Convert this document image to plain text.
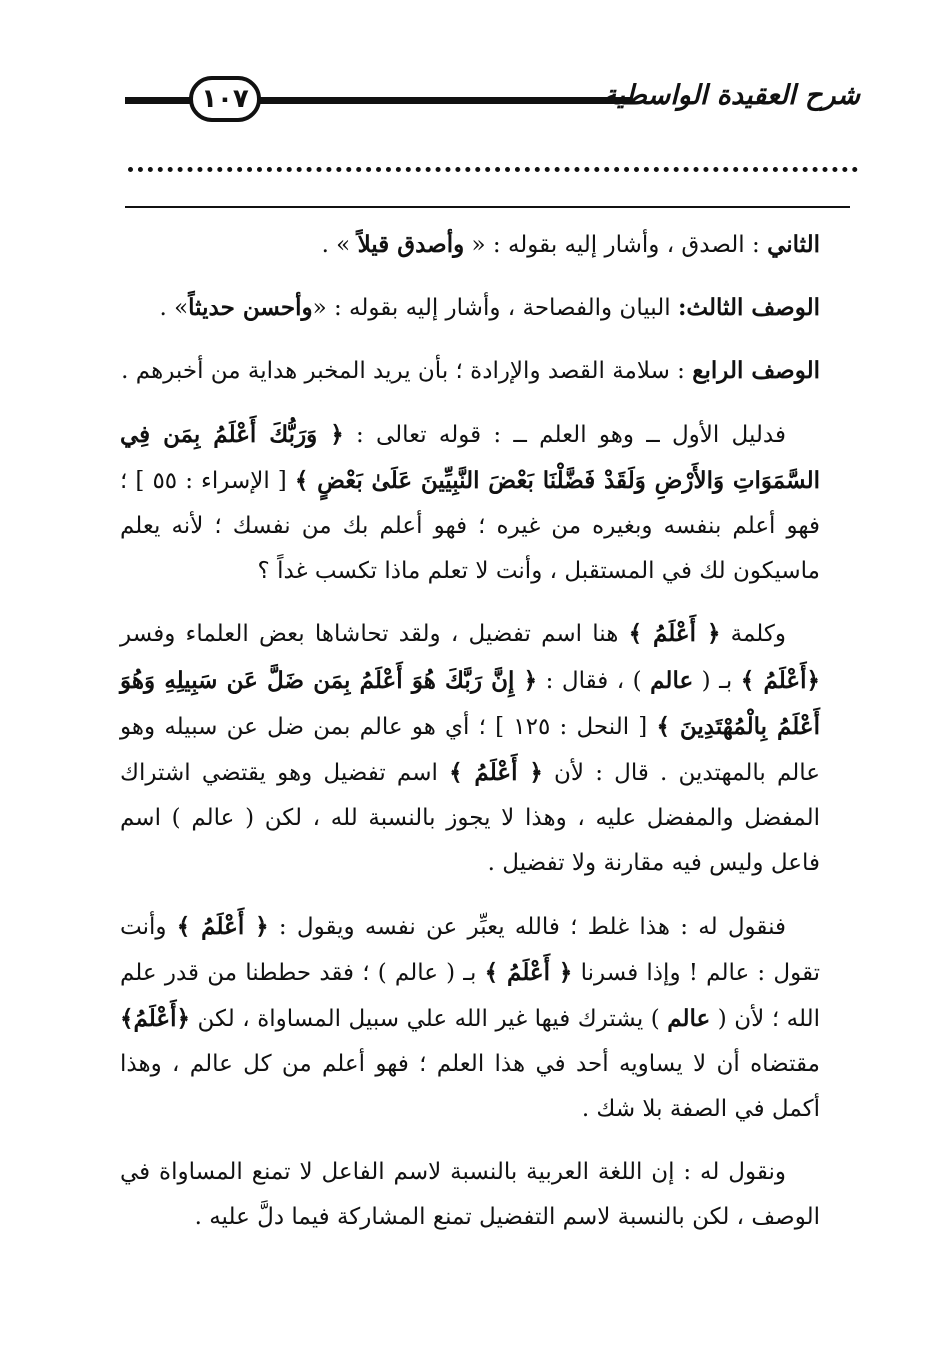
١٠٧	شرح العقيدة الواسطية

الثاني : الصدق ، وأشار إليه بقوله : « وأصدق قيلاً » .

الوصف الثالث: البيان والفصاحة ، وأشار إليه بقوله : «وأحسن حديثاً» .

الوصف الرابع : سلامة القصد والإرادة ؛ بأن يريد المخبر هداية من أخبرهم .

فدليل الأول ــ وهو العلم ــ : قوله تعالى : ﴿ وَرَبُّكَ أَعْلَمُ بِمَن فِي السَّمَوَاتِ وَالأَرْضِ وَلَقَدْ فَضَّلْنَا بَعْضَ النَّبِيِّينَ عَلَىٰ بَعْضٍ ﴾ [ الإسراء : ٥٥ ] ؛ فهو أعلم بنفسه وبغيره من غيره ؛ فهو أعلم بك من نفسك ؛ لأنه يعلم ماسيكون لك في المستقبل ، وأنت لا تعلم ماذا تكسب غداً ؟

وكلمة ﴿ أَعْلَمُ ﴾ هنا اسم تفضيل ، ولقد تحاشاها بعض العلماء وفسر ﴿أَعْلَمُ ﴾ بـ ( عالم ) ، فقال : ﴿ إِنَّ رَبَّكَ هُوَ أَعْلَمُ بِمَن ضَلَّ عَن سَبِيلِهِ وَهُوَ أَعْلَمُ بِالْمُهْتَدِينَ ﴾ [ النحل : ١٢٥ ] ؛ أي هو عالم بمن ضل عن سبيله وهو عالم بالمهتدين . قال : لأن ﴿ أَعْلَمُ ﴾ اسم تفضيل وهو يقتضي اشتراك المفضل والمفضل عليه ، وهذا لا يجوز بالنسبة لله ، لكن ( عالم ) اسم فاعل وليس فيه مقارنة ولا تفضيل .

فنقول له : هذا غلط ؛ فالله يعبِّر عن نفسه ويقول : ﴿ أَعْلَمُ ﴾ وأنت تقول : عالم ! وإذا فسرنا ﴿ أَعْلَمُ ﴾ بـ ( عالم ) ؛ فقد حططنا من قدر علم الله ؛ لأن ( عالم ) يشترك فيها غير الله علي سبيل المساواة ، لكن ﴿أَعْلَمُ﴾ مقتضاه أن لا يساويه أحد في هذا العلم ؛ فهو أعلم من كل عالم ، وهذا أكمل في الصفة بلا شك .

ونقول له : إن اللغة العربية بالنسبة لاسم الفاعل لا تمنع المساواة في الوصف ، لكن بالنسبة لاسم التفضيل تمنع المشاركة فيما دلَّ عليه .
